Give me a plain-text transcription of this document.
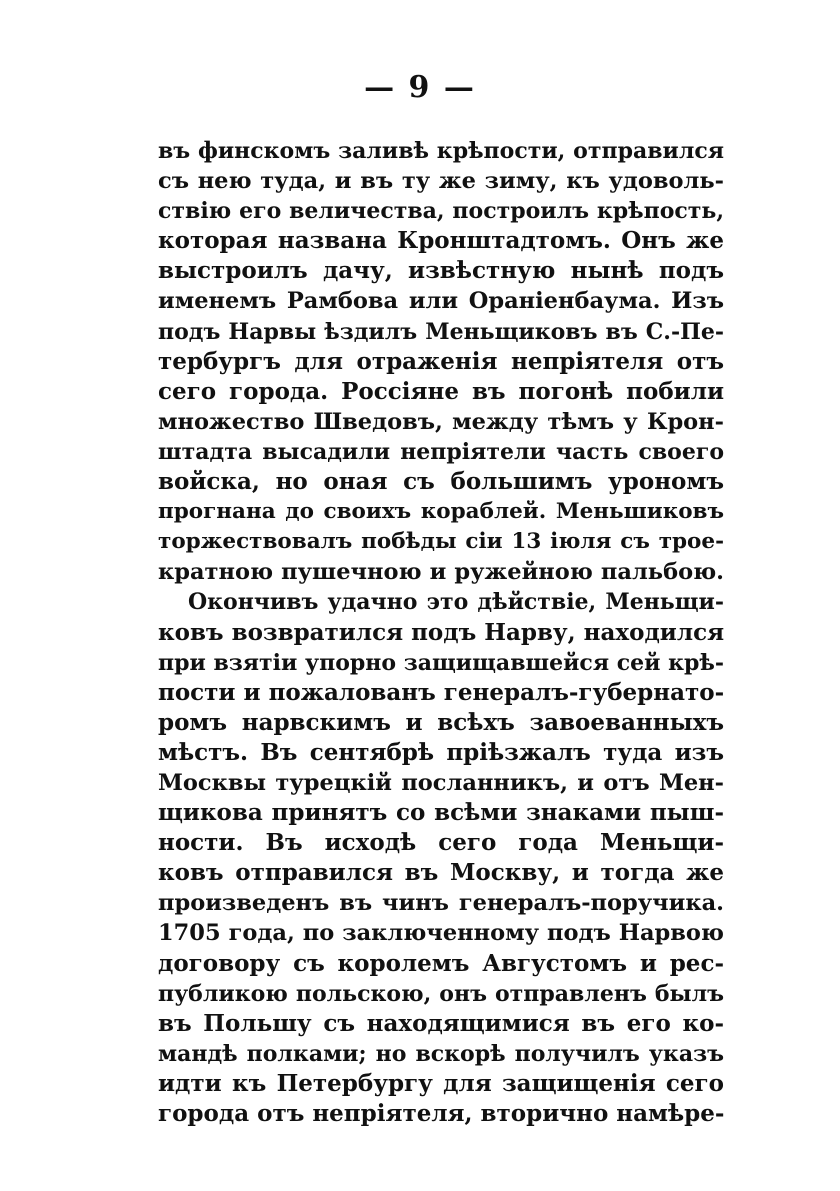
— 9 —
въ финскомъ заливѣ крѣпости, отправился
съ нею туда, и въ ту же зиму, къ удоволь-
ствію его величества, построилъ крѣпость,
которая названа Кронштадтомъ. Онъ же
выстроилъ дачу, извѣстную нынѣ подъ
именемъ Рамбова или Ораніенбаума. Изъ
подъ Нарвы ѣздилъ Меньщиковъ въ С.-Пе-
тербургъ для отраженія непріятеля отъ
сего города. Россіяне въ погонѣ побили
множество Шведовъ, между тѣмъ у Крон-
штадта высадили непріятели часть своего
войска, но оная съ большимъ урономъ
прогнана до своихъ кораблей. Меньшиковъ
торжествовалъ побѣды сіи 13 іюля съ трое-
кратною пушечною и ружейною пальбою.
Окончивъ удачно это дѣйствіе, Меньщи-
ковъ возвратился подъ Нарву, находился
при взятіи упорно защищавшейся сей крѣ-
пости и пожалованъ генералъ-губернато-
ромъ нарвскимъ и всѣхъ завоеванныхъ
мѣстъ. Въ сентябрѣ пріѣзжалъ туда изъ
Москвы турецкій посланникъ, и отъ Мен-
щикова принятъ со всѣми знаками пыш-
ности. Въ исходѣ сего года Меньщи-
ковъ отправился въ Москву, и тогда же
произведенъ въ чинъ генералъ-поручика.
1705 года, по заключенному подъ Нарвою
договору съ королемъ Августомъ и рес-
публикою польскою, онъ отправленъ былъ
въ Польшу съ находящимися въ его ко-
мандѣ полками; но вскорѣ получилъ указъ
идти къ Петербургу для защищенія сего
города отъ непріятеля, вторично намѣре-
